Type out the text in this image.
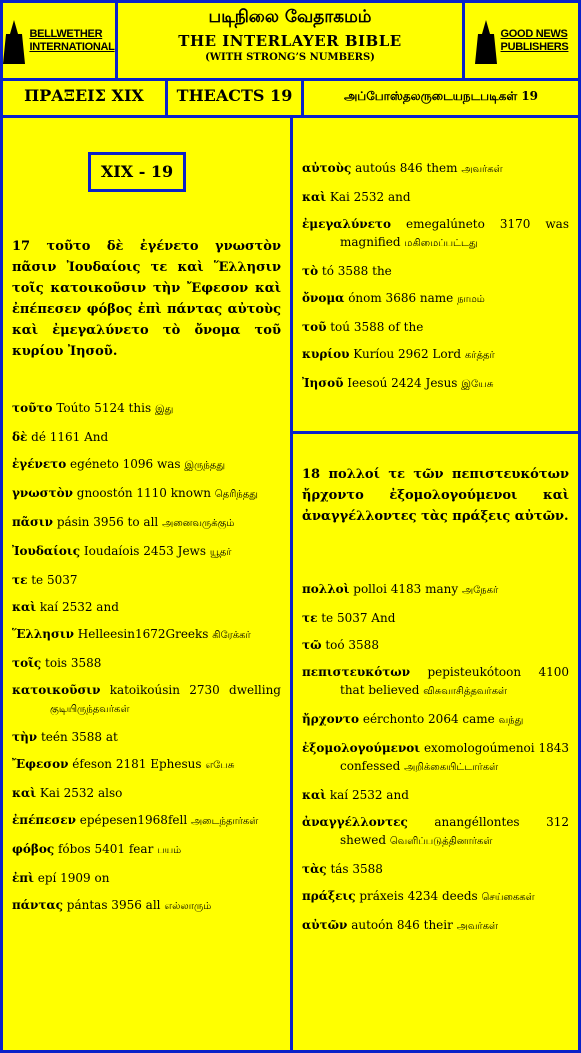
BELLWETHER
INTERNATIONAL
படிநிலை வேதாகமம்
THE INTERLAYER BIBLE
(WITH STRONG’S NUMBERS)
GOOD NEWS
PUBLISHERS
ΠΡΑΞΕΙΣ XIX	THEACTS 19	அப்போஸ்தலருடையநடபடிகள் 19
XIX - 19
17 τοῦτο δὲ ἐγένετο γνωστὸν πᾶσιν Ἰουδαίοις τε καὶ Ἕλλησιν τοῖς κατοικοῦσιν τὴν Ἔφεσον καὶ ἐπέπεσεν φόβος ἐπὶ πάντας αὐτοὺς καὶ ἐμεγαλύνετο τὸ ὄνομα τοῦ κυρίου Ἰησοῦ.
τοῦτο Toúto 5124 this இது
δὲ dé 1161 And
ἐγένετο egéneto 1096 was இருந்தது
γνωστὸν gnoostón 1110 known தெரிந்தது
πᾶσιν pásin 3956 to all அனைவருக்கும்
Ἰουδαίοις Ioudaíois 2453 Jews யூதர்
τε te 5037
καὶ kaí 2532 and
Ἕλλησιν Helleesin1672Greeks கிரேக்கர்
τοῖς tois 3588
κατοικοῦσιν katoikoúsin 2730 dwelling குடியிருந்தவர்கள்
τὴν teén 3588 at
Ἔφεσον éfeson 2181 Ephesus எபேசு
καὶ Kai 2532 also
ἐπέπεσεν epépesen1968fell அடைந்தார்கள்
φόβος fóbos 5401 fear பயம்
ἐπὶ epí 1909 on
πάντας pántas 3956 all எல்லாரும்
αὐτοὺς autoús 846 them அவர்கள்
καὶ Kai 2532 and
ἐμεγαλύνετο emegalúneto 3170 was magnified மகிமைப்பட்டது
τὸ tó 3588 the
ὄνομα ónom 3686 name நாமம்
τοῦ toú 3588 of the
κυρίου Kuríou 2962 Lord கர்த்தர்
Ἰησοῦ Ieesoú 2424 Jesus இயேசு
18 πολλοί τε τῶν πεπιστευκότων ἤρχοντο ἐξομολογούμενοι καὶ ἀναγγέλλοντες τὰς πράξεις αὐτῶν.
πολλοὶ polloi 4183 many அநேகர்
τε te 5037 And
τῶ toó 3588
πεπιστευκότων pepisteukótoon 4100 that believed விசுவாசித்தவர்கள்
ἤρχοντο eérchonto 2064 came வந்து
ἐξομολογούμενοι exomologoúmenoi 1843 confessed அறிக்கையிட்டார்கள்
καὶ kaí 2532 and
ἀναγγέλλοντες anangéllontes 312 shewed வெளிப்படுத்தினார்கள்
τὰς tás 3588
πράξεις práxeis 4234 deeds செய்கைகள்
αὐτῶν autoón 846 their அவர்கள்
